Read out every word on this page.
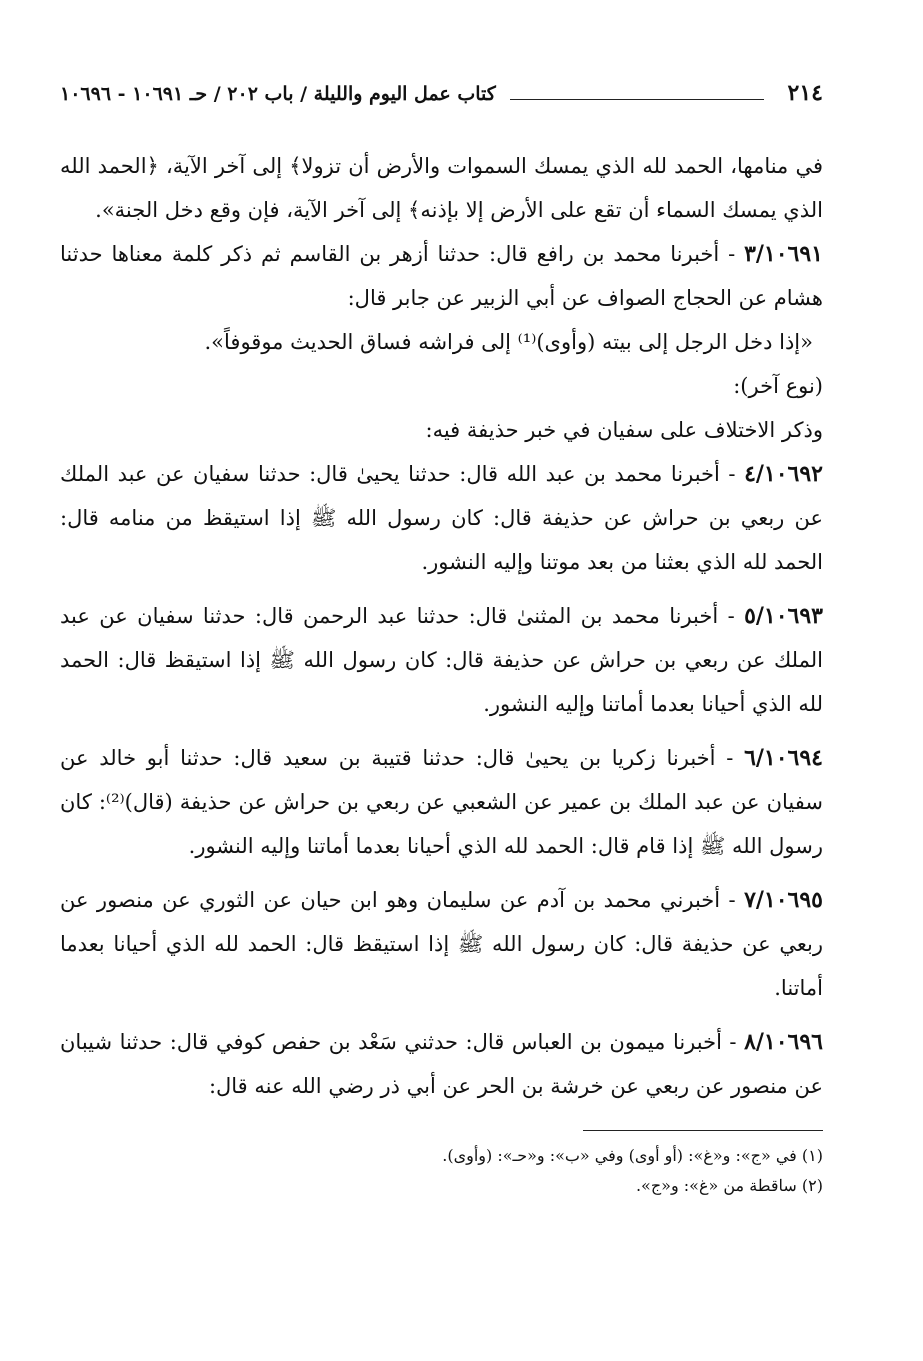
٢١٤
كتاب عمل اليوم والليلة / باب ٢٠٢ / حـ ١٠٦٩١ - ١٠٦٩٦

في منامها، الحمد لله الذي يمسك السموات والأرض أن تزولا﴾ إلى آخر الآية، ﴿الحمد الله الذي يمسك السماء أن تقع على الأرض إلا بإذنه﴾ إلى آخر الآية، فإن وقع دخل الجنة».

٣/١٠٦٩١ - أخبرنا محمد بن رافع قال: حدثنا أزهر بن القاسم ثم ذكر كلمة معناها حدثنا هشام عن الحجاج الصواف عن أبي الزبير عن جابر قال:

«إذا دخل الرجل إلى بيته (وأوى)⁽¹⁾ إلى فراشه فساق الحديث موقوفاً».

(نوع آخر):

وذكر الاختلاف على سفيان في خبر حذيفة فيه:

٤/١٠٦٩٢ - أخبرنا محمد بن عبد الله قال: حدثنا يحيىٰ قال: حدثنا سفيان عن عبد الملك عن ربعي بن حراش عن حذيفة قال: كان رسول الله ﷺ إذا استيقظ من منامه قال: الحمد لله الذي بعثنا من بعد موتنا وإليه النشور.

٥/١٠٦٩٣ - أخبرنا محمد بن المثنىٰ قال: حدثنا عبد الرحمن قال: حدثنا سفيان عن عبد الملك عن ربعي بن حراش عن حذيفة قال: كان رسول الله ﷺ إذا استيقظ قال: الحمد لله الذي أحيانا بعدما أماتنا وإليه النشور.

٦/١٠٦٩٤ - أخبرنا زكريا بن يحيىٰ قال: حدثنا قتيبة بن سعيد قال: حدثنا أبو خالد عن سفيان عن عبد الملك بن عمير عن الشعبي عن ربعي بن حراش عن حذيفة (قال)⁽²⁾: كان رسول الله ﷺ إذا قام قال: الحمد لله الذي أحيانا بعدما أماتنا وإليه النشور.

٧/١٠٦٩٥ - أخبرني محمد بن آدم عن سليمان وهو ابن حيان عن الثوري عن منصور عن ربعي عن حذيفة قال: كان رسول الله ﷺ إذا استيقظ قال: الحمد لله الذي أحيانا بعدما أماتنا.

٨/١٠٦٩٦ - أخبرنا ميمون بن العباس قال: حدثني سَعْد بن حفص كوفي قال: حدثنا شيبان عن منصور عن ربعي عن خرشة بن الحر عن أبي ذر رضي الله عنه قال:

(١) في «ج»: و«غ»: (أو أوى) وفي «ب»: و«حـ»: (وأوى).
(٢) ساقطة من «غ»: و«ج».
